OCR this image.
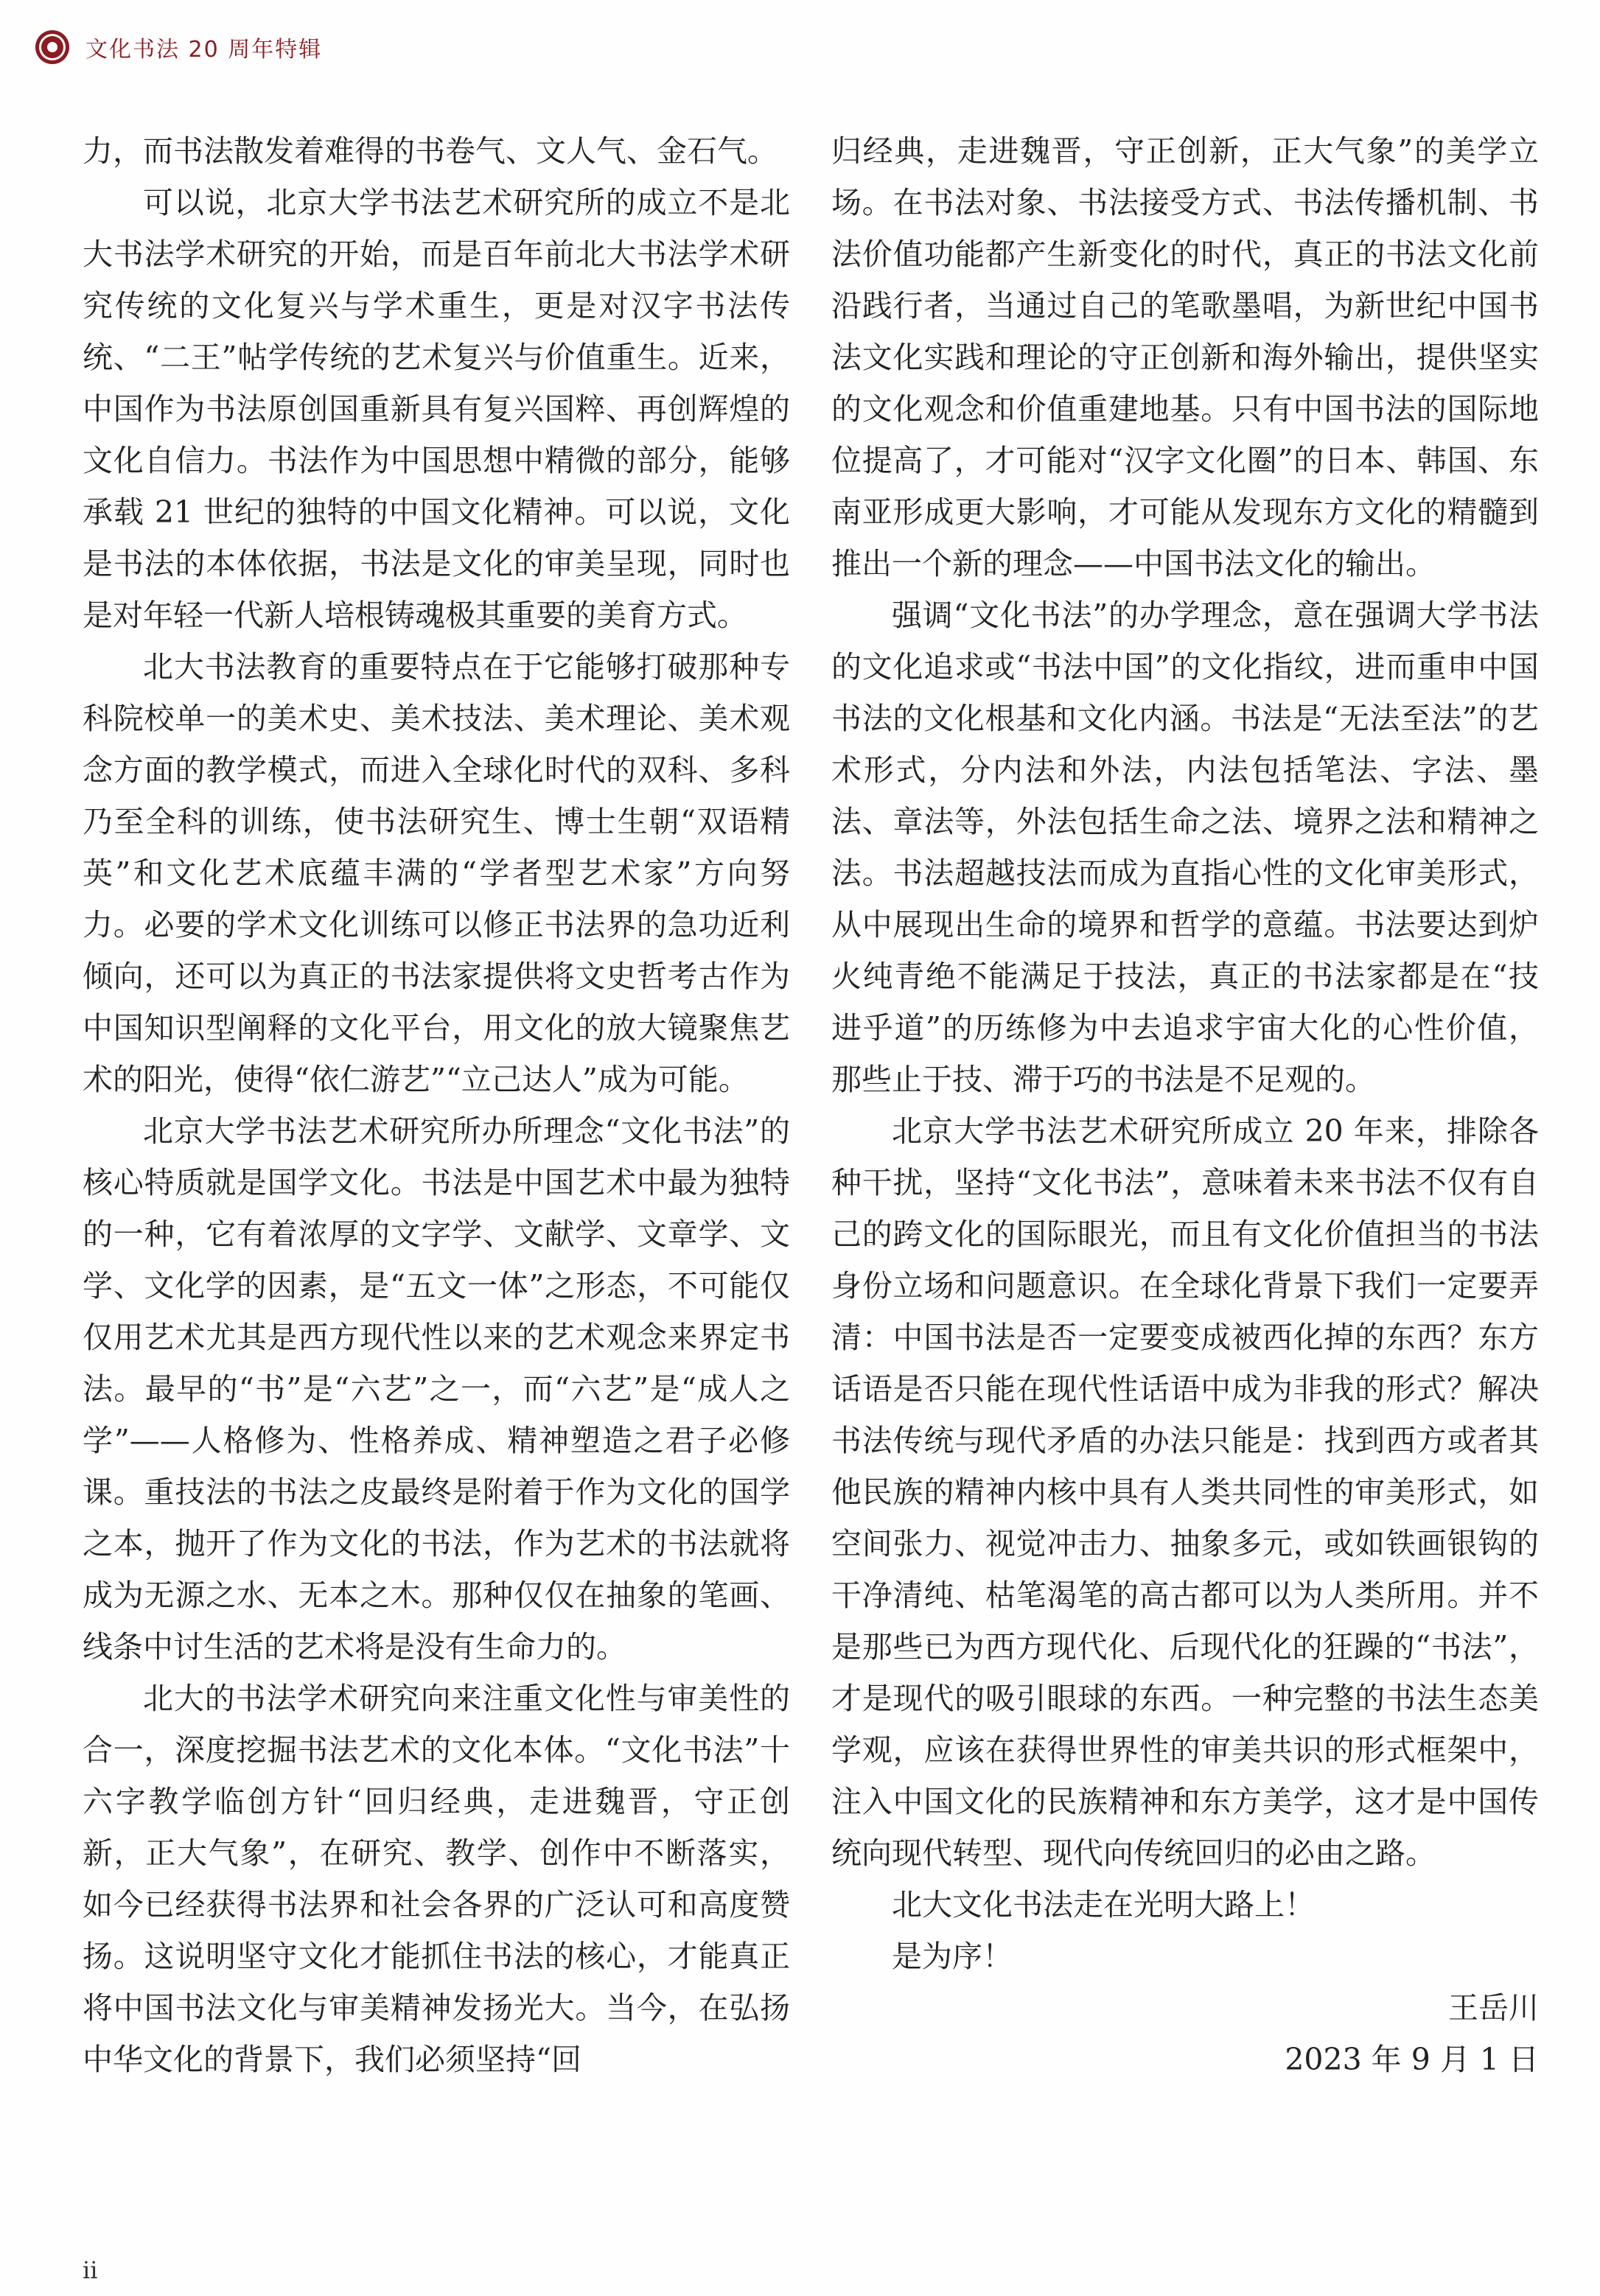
文化书法 20 周年特辑

力，而书法散发着难得的书卷气、文人气、金石气。

可以说，北京大学书法艺术研究所的成立不是北大书法学术研究的开始，而是百年前北大书法学术研究传统的文化复兴与学术重生，更是对汉字书法传统、“二王”帖学传统的艺术复兴与价值重生。近来，中国作为书法原创国重新具有复兴国粹、再创辉煌的文化自信力。书法作为中国思想中精微的部分，能够承载 21 世纪的独特的中国文化精神。可以说，文化是书法的本体依据，书法是文化的审美呈现，同时也是对年轻一代新人培根铸魂极其重要的美育方式。

北大书法教育的重要特点在于它能够打破那种专科院校单一的美术史、美术技法、美术理论、美术观念方面的教学模式，而进入全球化时代的双科、多科乃至全科的训练，使书法研究生、博士生朝“双语精英”和文化艺术底蕴丰满的“学者型艺术家”方向努力。必要的学术文化训练可以修正书法界的急功近利倾向，还可以为真正的书法家提供将文史哲考古作为中国知识型阐释的文化平台，用文化的放大镜聚焦艺术的阳光，使得“依仁游艺”“立己达人”成为可能。

北京大学书法艺术研究所办所理念“文化书法”的核心特质就是国学文化。书法是中国艺术中最为独特的一种，它有着浓厚的文字学、文献学、文章学、文学、文化学的因素，是“五文一体”之形态，不可能仅仅用艺术尤其是西方现代性以来的艺术观念来界定书法。最早的“书”是“六艺”之一，而“六艺”是“成人之学”——人格修为、性格养成、精神塑造之君子必修课。重技法的书法之皮最终是附着于作为文化的国学之本，抛开了作为文化的书法，作为艺术的书法就将成为无源之水、无本之木。那种仅仅在抽象的笔画、线条中讨生活的艺术将是没有生命力的。

北大的书法学术研究向来注重文化性与审美性的合一，深度挖掘书法艺术的文化本体。“文化书法”十六字教学临创方针“回归经典，走进魏晋，守正创新，正大气象”，在研究、教学、创作中不断落实，如今已经获得书法界和社会各界的广泛认可和高度赞扬。这说明坚守文化才能抓住书法的核心，才能真正将中国书法文化与审美精神发扬光大。当今，在弘扬中华文化的背景下，我们必须坚持“回

归经典，走进魏晋，守正创新，正大气象”的美学立场。在书法对象、书法接受方式、书法传播机制、书法价值功能都产生新变化的时代，真正的书法文化前沿践行者，当通过自己的笔歌墨唱，为新世纪中国书法文化实践和理论的守正创新和海外输出，提供坚实的文化观念和价值重建地基。只有中国书法的国际地位提高了，才可能对“汉字文化圈”的日本、韩国、东南亚形成更大影响，才可能从发现东方文化的精髓到推出一个新的理念——中国书法文化的输出。

强调“文化书法”的办学理念，意在强调大学书法的文化追求或“书法中国”的文化指纹，进而重申中国书法的文化根基和文化内涵。书法是“无法至法”的艺术形式，分内法和外法，内法包括笔法、字法、墨法、章法等，外法包括生命之法、境界之法和精神之法。书法超越技法而成为直指心性的文化审美形式，从中展现出生命的境界和哲学的意蕴。书法要达到炉火纯青绝不能满足于技法，真正的书法家都是在“技进乎道”的历练修为中去追求宇宙大化的心性价值，那些止于技、滞于巧的书法是不足观的。

北京大学书法艺术研究所成立 20 年来，排除各种干扰，坚持“文化书法”，意味着未来书法不仅有自己的跨文化的国际眼光，而且有文化价值担当的书法身份立场和问题意识。在全球化背景下我们一定要弄清：中国书法是否一定要变成被西化掉的东西？东方话语是否只能在现代性话语中成为非我的形式？解决书法传统与现代矛盾的办法只能是：找到西方或者其他民族的精神内核中具有人类共同性的审美形式，如空间张力、视觉冲击力、抽象多元，或如铁画银钩的干净清纯、枯笔渴笔的高古都可以为人类所用。并不是那些已为西方现代化、后现代化的狂躁的“书法”，才是现代的吸引眼球的东西。一种完整的书法生态美学观，应该在获得世界性的审美共识的形式框架中，注入中国文化的民族精神和东方美学，这才是中国传统向现代转型、现代向传统回归的必由之路。

北大文化书法走在光明大路上！

是为序！

王岳川

2023 年 9 月 1 日

ii
